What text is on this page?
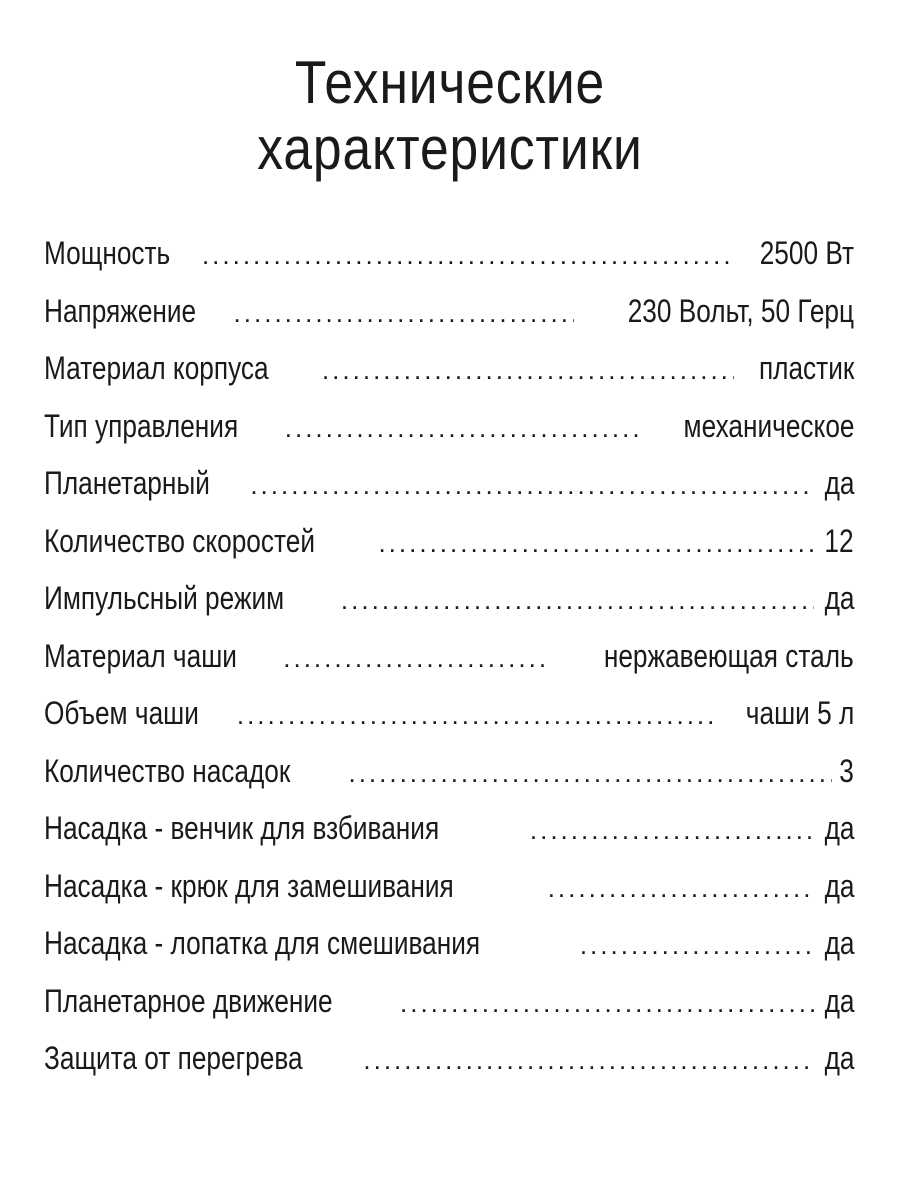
Технические
характеристики
Мощность .....	2500 Вт
Напряжение .....	230 Вольт, 50 Герц
Материал корпуса .....	пластик
Тип управления .....	механическое
Планетарный .....	да
Количество скоростей .....	12
Импульсный режим .....	да
Материал чаши .....	нержавеющая сталь
Объем чаши .....	чаши 5 л
Количество насадок .....	3
Насадка - венчик для взбивания .....	да
Насадка - крюк для замешивания .....	да
Насадка - лопатка для смешивания .....	да
Планетарное движение .....	да
Защита от перегрева .....	да
